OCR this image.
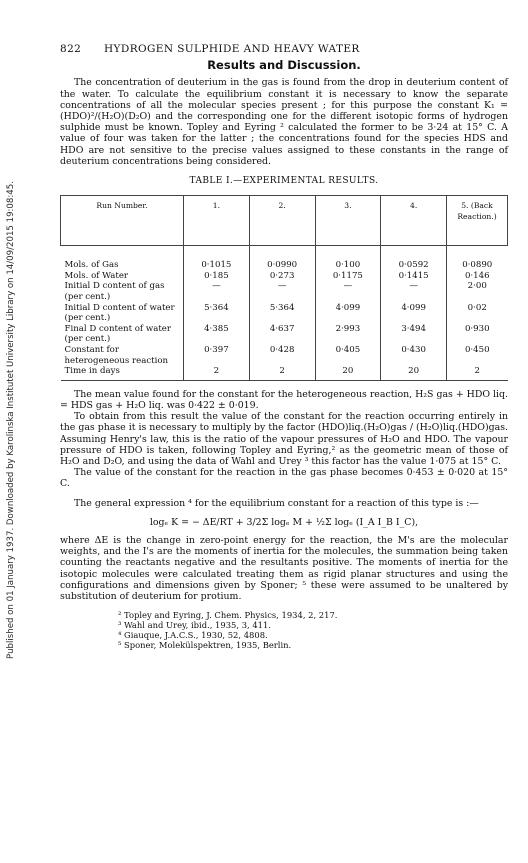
Published on 01 January 1937. Downloaded by Karolinska Institutet University Library on 14/09/2015 19:08:45.
822 HYDROGEN SULPHIDE AND HEAVY WATER
Results and Discussion.

The concentration of deuterium in the gas is found from the drop in deuterium content of the water. To calculate the equilibrium constant it is necessary to know the separate concentrations of all the molecular species present ; for this purpose the constant K₁ = (HDO)²/(H₂O)(D₂O) and the corresponding one for the different isotopic forms of hydrogen sulphide must be known. Topley and Eyring ² calculated the former to be 3·24 at 15° C. A value of four was taken for the latter ; the concentrations found for the species HDS and HDO are not sensitive to the precise values assigned to these constants in the range of deuterium concentrations being considered.

TABLE I.—EXPERIMENTAL RESULTS.
Run Number.	1.	2.	3.	4.	5. (Back Reaction.)

Mols. of Gas	0·1015	0·0990	0·100	0·0592	0·0890
Mols. of Water	0·185	0·273	0·1175	0·1415	0·146
Initial D content of gas (per cent.)	—	—	—	—	2·00
Initial D content of water (per cent.)	5·364	5·364	4·099	4·099	0·02
Final D content of water (per cent.)	4·385	4·637	2·993	3·494	0·930
Constant for heterogeneous reaction	0·397	0·428	0·405	0·430	0·450
Time in days	2	2	20	20	2

The mean value found for the constant for the heterogeneous reaction, H₂S gas + HDO liq. = HDS gas + H₂O liq. was 0·422 ± 0·019.

To obtain from this result the value of the constant for the reaction occurring entirely in the gas phase it is necessary to multiply by the factor (HDO)liq.(H₂O)gas / (H₂O)liq.(HDO)gas. Assuming Henry's law, this is the ratio of the vapour pressures of H₂O and HDO. The vapour pressure of HDO is taken, following Topley and Eyring,² as the geometric mean of those of H₂O and D₂O, and using the data of Wahl and Urey ³ this factor has the value 1·075 at 15° C.

The value of the constant for the reaction in the gas phase becomes 0·453 ± 0·020 at 15° C.

The general expression ⁴ for the equilibrium constant for a reaction of this type is :—

logₑ K = − ΔE/RT + 3/2Σ logₑ M + ½Σ logₑ (I_A I_B I_C),

where ΔE is the change in zero-point energy for the reaction, the M's are the molecular weights, and the I's are the moments of inertia for the molecules, the summation being taken counting the reactants negative and the resultants positive. The moments of inertia for the isotopic molecules were calculated treating them as rigid planar structures and using the configurations and dimensions given by Sponer; ⁵ these were assumed to be unaltered by substitution of deuterium for protium.

² Topley and Eyring, J. Chem. Physics, 1934, 2, 217.
³ Wahl and Urey, ibid., 1935, 3, 411.
⁴ Giauque, J.A.C.S., 1930, 52, 4808.
⁵ Sponer, Molekülspektren, 1935, Berlin.
